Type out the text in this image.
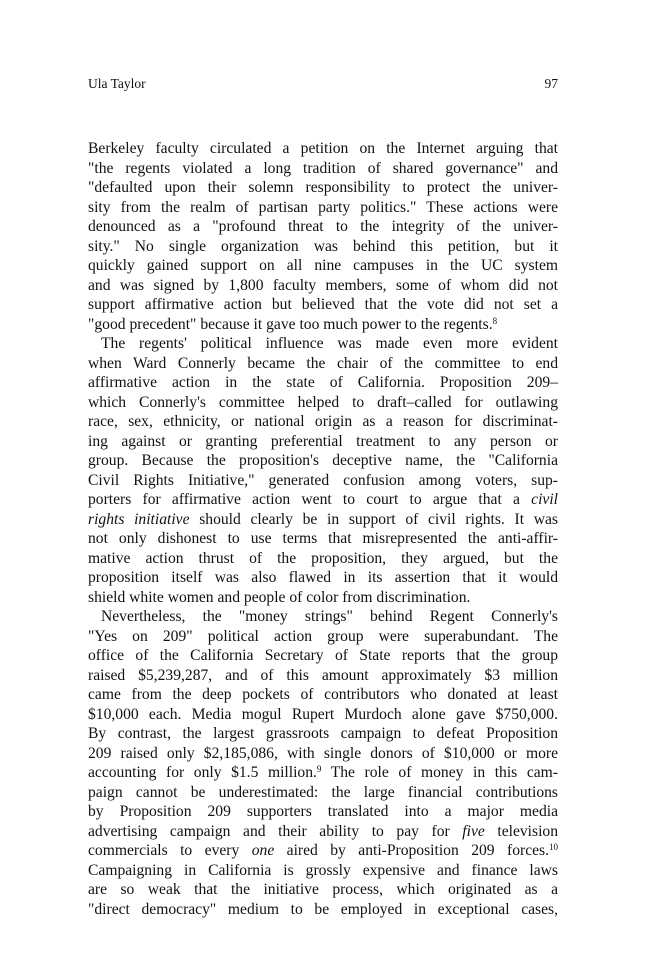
Ula Taylor	97
Berkeley faculty circulated a petition on the Internet arguing that
"the regents violated a long tradition of shared governance" and
"defaulted upon their solemn responsibility to protect the univer-
sity from the realm of partisan party politics." These actions were
denounced as a "profound threat to the integrity of the univer-
sity." No single organization was behind this petition, but it
quickly gained support on all nine campuses in the UC system
and was signed by 1,800 faculty members, some of whom did not
support affirmative action but believed that the vote did not set a
"good precedent" because it gave too much power to the regents.$^8$
The regents' political influence was made even more evident
when Ward Connerly became the chair of the committee to end
affirmative action in the state of California. Proposition 209–
which Connerly's committee helped to draft–called for outlawing
race, sex, ethnicity, or national origin as a reason for discriminat-
ing against or granting preferential treatment to any person or
group. Because the proposition's deceptive name, the "California
Civil Rights Initiative," generated confusion among voters, sup-
porters for affirmative action went to court to argue that a civil
rights initiative should clearly be in support of civil rights. It was
not only dishonest to use terms that misrepresented the anti-affir-
mative action thrust of the proposition, they argued, but the
proposition itself was also flawed in its assertion that it would
shield white women and people of color from discrimination.
Nevertheless, the "money strings" behind Regent Connerly's
"Yes on 209" political action group were superabundant. The
office of the California Secretary of State reports that the group
raised $5,239,287, and of this amount approximately $3 million
came from the deep pockets of contributors who donated at least
$10,000 each. Media mogul Rupert Murdoch alone gave $750,000.
By contrast, the largest grassroots campaign to defeat Proposition
209 raised only $2,185,086, with single donors of $10,000 or more
accounting for only $1.5 million.$^9$ The role of money in this cam-
paign cannot be underestimated: the large financial contributions
by Proposition 209 supporters translated into a major media
advertising campaign and their ability to pay for five television
commercials to every one aired by anti-Proposition 209 forces.$^{10}$
Campaigning in California is grossly expensive and finance laws
are so weak that the initiative process, which originated as a
"direct democracy" medium to be employed in exceptional cases,
